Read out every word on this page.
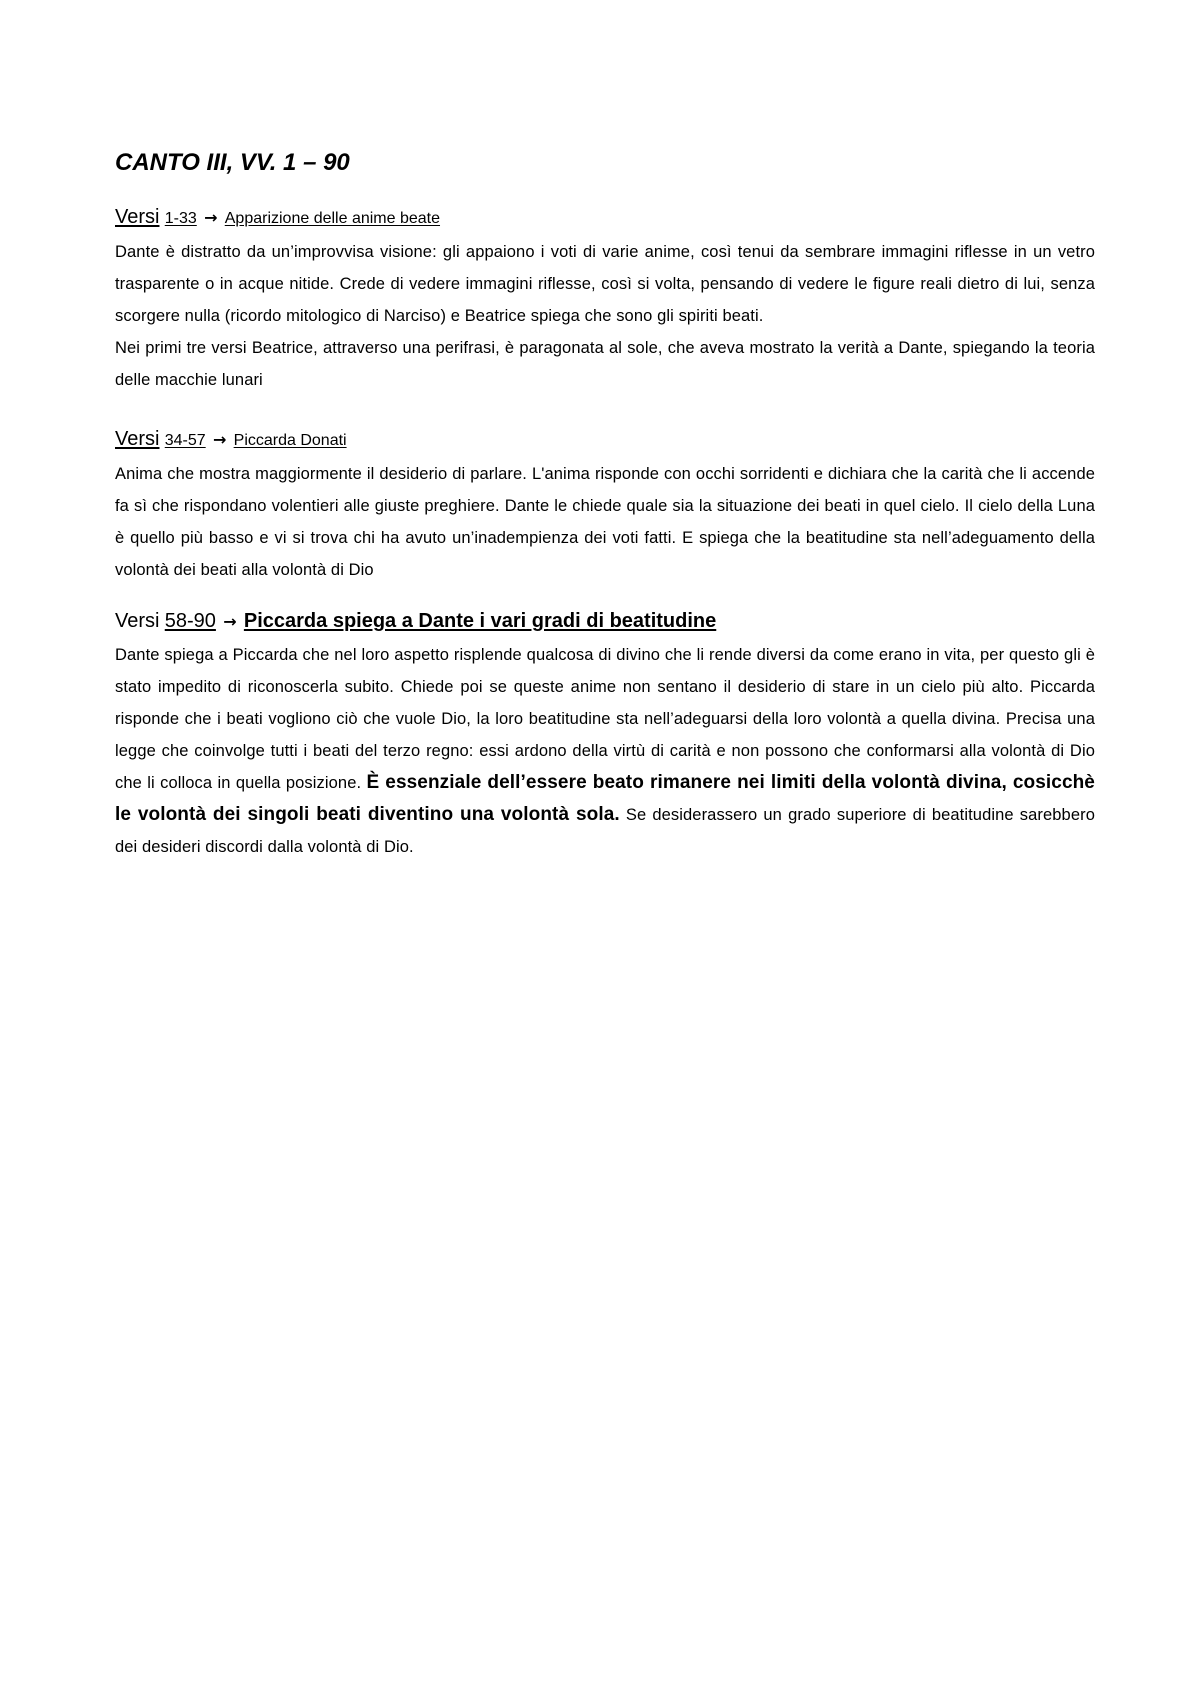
CANTO III, VV. 1 – 90
Versi 1-33 → Apparizione delle anime beate

Dante è distratto da un’improvvisa visione: gli appaiono i voti di varie anime, così tenui da sembrare immagini riflesse in un vetro trasparente o in acque nitide. Crede di vedere immagini riflesse, così si volta, pensando di vedere le figure reali dietro di lui, senza scorgere nulla (ricordo mitologico di Narciso) e Beatrice spiega che sono gli spiriti beati.

Nei primi tre versi Beatrice, attraverso una perifrasi, è paragonata al sole, che aveva mostrato la verità a Dante, spiegando la teoria delle macchie lunari

Versi 34-57 → Piccarda Donati

Anima che mostra maggiormente il desiderio di parlare. L'anima risponde con occhi sorridenti e dichiara che la carità che li accende fa sì che rispondano volentieri alle giuste preghiere. Dante le chiede quale sia la situazione dei beati in quel cielo. Il cielo della Luna è quello più basso e vi si trova chi ha avuto un’inadempienza dei voti fatti. E spiega che la beatitudine sta nell’adeguamento della volontà dei beati alla volontà di Dio

Versi 58-90 → Piccarda spiega a Dante i vari gradi di beatitudine

Dante spiega a Piccarda che nel loro aspetto risplende qualcosa di divino che li rende diversi da come erano in vita, per questo gli è stato impedito di riconoscerla subito. Chiede poi se queste anime non sentano il desiderio di stare in un cielo più alto. Piccarda risponde che i beati vogliono ciò che vuole Dio, la loro beatitudine sta nell’adeguarsi della loro volontà a quella divina. Precisa una legge che coinvolge tutti i beati del terzo regno: essi ardono della virtù di carità e non possono che conformarsi alla volontà di Dio che li colloca in quella posizione. È essenziale dell’essere beato rimanere nei limiti della volontà divina, cosicchè le volontà dei singoli beati diventino una volontà sola. Se desiderassero un grado superiore di beatitudine sarebbero dei desideri discordi dalla volontà di Dio.
